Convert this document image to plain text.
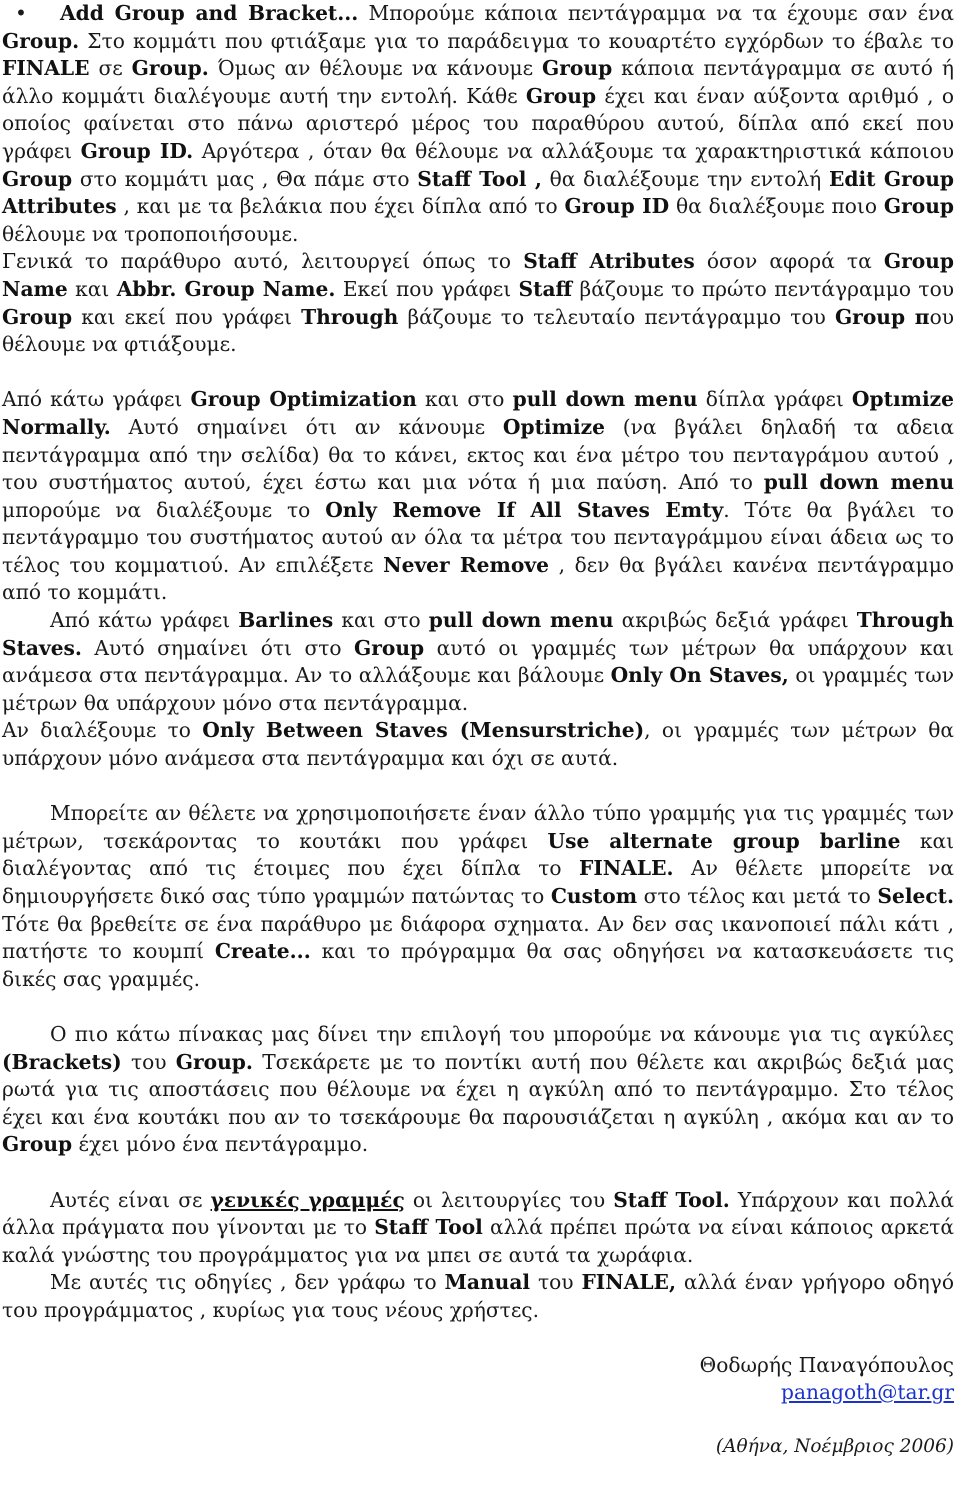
•	Add Group and Bracket... Μπορούμε κάποια πεντάγραμμα να τα έχουμε σαν ένα Group. Στο κομμάτι που φτιάξαμε για το παράδειγμα το κουαρτέτο εγχόρδων το έβαλε το FINALE σε Group. Όμως αν θέλουμε να κάνουμε Group κάποια πεντάγραμμα σε αυτό ή άλλο κομμάτι διαλέγουμε αυτή την εντολή. Κάθε Group έχει και έναν αύξοντα αριθμό , ο οποίος φαίνεται στο πάνω αριστερό μέρος του παραθύρου αυτού, δίπλα από εκεί που γράφει Group ID. Αργότερα , όταν θα θέλουμε να αλλάξουμε τα χαρακτηριστικά κάποιου Group στο κομμάτι μας , Θα πάμε στο Staff Tool , θα διαλέξουμε την εντολή Edit Group Attributes , και με τα βελάκια που έχει δίπλα από το Group ID θα διαλέξουμε ποιο Group θέλουμε να τροποποιήσουμε.

Γενικά το παράθυρο αυτό, λειτουργεί όπως το Staff Atributes όσον αφορά τα Group Name και Abbr. Group Name. Εκεί που γράφει Staff βάζουμε το πρώτο πεντάγραμμο του Group και εκεί που γράφει Through βάζουμε το τελευταίο πεντάγραμμο του Group που θέλουμε να φτιάξουμε.

Από κάτω γράφει Group Optimization και στο pull down menu δίπλα γράφει Optımize Normally. Αυτό σημαίνει ότι αν κάνουμε Optimize (να βγάλει δηλαδή τα αδεια πεντάγραμμα από την σελίδα) θα το κάνει, εκτος και ένα μέτρο του πενταγράμου αυτού , του συστήματος αυτού, έχει έστω και μια νότα ή μια παύση. Από το pull down menu μπορούμε να διαλέξουμε το Only Remove If All Staves Emty. Τότε θα βγάλει το πεντάγραμμο του συστήματος αυτού αν όλα τα μέτρα του πενταγράμμου είναι άδεια ως το τέλος του κομματιού. Αν επιλέξετε Never Remove , δεν θα βγάλει κανένα πεντάγραμμο από το κομμάτι.

Από κάτω γράφει Barlines και στο pull down menu ακριβώς δεξιά γράφει Through Staves. Αυτό σημαίνει ότι στο Group αυτό οι γραμμές των μέτρων θα υπάρχουν και ανάμεσα στα πεντάγραμμα. Αν το αλλάξουμε και βάλουμε Only On Staves, οι γραμμές των μέτρων θα υπάρχουν μόνο στα πεντάγραμμα.

Αν διαλέξουμε το Only Between Staves (Mensurstriche), οι γραμμές των μέτρων θα υπάρχουν μόνο ανάμεσα στα πεντάγραμμα και όχι σε αυτά.

Μπορείτε αν θέλετε να χρησιμοποιήσετε έναν άλλο τύπο γραμμής για τις γραμμές των μέτρων, τσεκάροντας το κουτάκι που γράφει Use alternate group barline και διαλέγοντας από τις έτοιμες που έχει δίπλα το FINALE. Αν θέλετε μπορείτε να δημιουργήσετε δικό σας τύπο γραμμών πατώντας το Custom στο τέλος και μετά το Select. Τότε θα βρεθείτε σε ένα παράθυρο με διάφορα σχηματα. Αν δεν σας ικανοποιεί πάλι κάτι , πατήστε το κουμπί Create... και το πρόγραμμα θα σας οδηγήσει να κατασκευάσετε τις δικές σας γραμμές.

Ο πιο κάτω πίνακας μας δίνει την επιλογή του μπορούμε να κάνουμε για τις αγκύλες (Brackets) του Group. Τσεκάρετε με το ποντίκι αυτή που θέλετε και ακριβώς δεξιά μας ρωτά για τις αποστάσεις που θέλουμε να έχει η αγκύλη από το πεντάγραμμο. Στο τέλος έχει και ένα κουτάκι που αν το τσεκάρουμε θα παρουσιάζεται η αγκύλη , ακόμα και αν το Group έχει μόνο ένα πεντάγραμμο.

Αυτές είναι σε γενικές γραμμές οι λειτουργίες του Staff Tool. Υπάρχουν και πολλά άλλα πράγματα που γίνονται με το Staff Tool αλλά πρέπει πρώτα να είναι κάποιος αρκετά καλά γνώστης του προγράμματος για να μπει σε αυτά τα χωράφια.

Με αυτές τις οδηγίες , δεν γράφω το Manual του FINALE, αλλά έναν γρήγορο οδηγό του προγράμματος , κυρίως για τους νέους χρήστες.

Θοδωρής Παναγόπουλος
panagoth@tar.gr
(Αθήνα, Νοέμβριος 2006)
